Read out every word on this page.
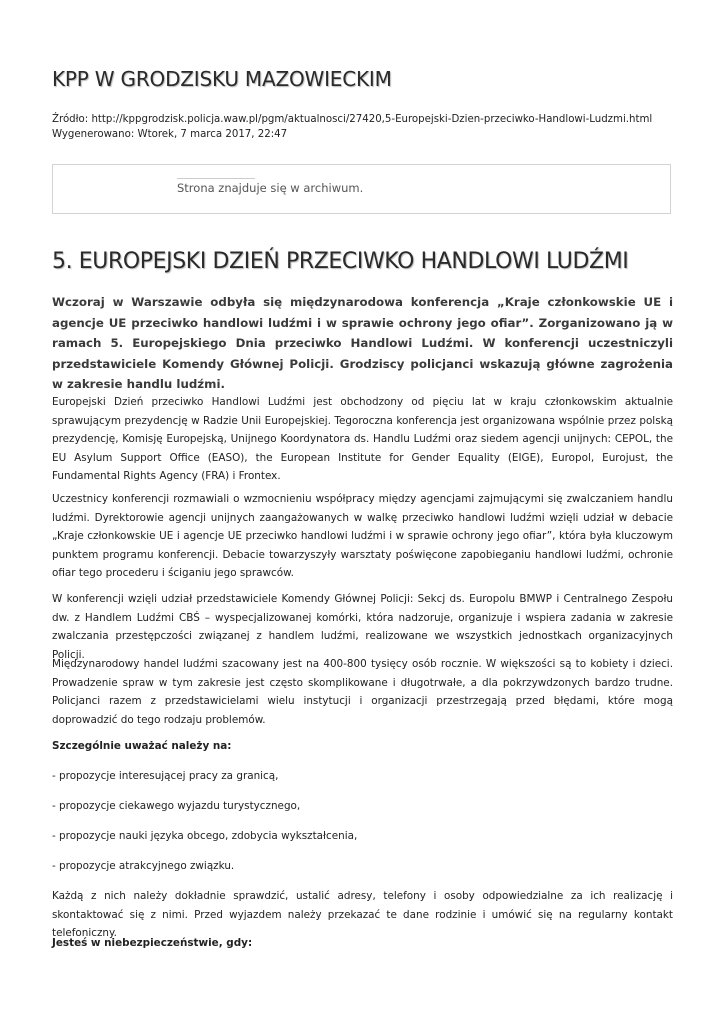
KPP W GRODZISKU MAZOWIECKIM
Źródło: http://kppgrodzisk.policja.waw.pl/pgm/aktualnosci/27420,5-Europejski-Dzien-przeciwko-Handlowi-Ludzmi.html
Wygenerowano: Wtorek, 7 marca 2017, 22:47
Strona znajduje się w archiwum.
5. EUROPEJSKI DZIEŃ PRZECIWKO HANDLOWI LUDŹMI

Wczoraj w Warszawie odbyła się międzynarodowa konferencja „Kraje członkowskie UE i agencje UE przeciwko handlowi ludźmi i w sprawie ochrony jego ofiar”. Zorganizowano ją w ramach 5. Europejskiego Dnia przeciwko Handlowi Ludźmi. W konferencji uczestniczyli przedstawiciele Komendy Głównej Policji. Grodziscy policjanci wskazują główne zagrożenia w zakresie handlu ludźmi.

Europejski Dzień przeciwko Handlowi Ludźmi jest obchodzony od pięciu lat w kraju członkowskim aktualnie sprawującym prezydencję w Radzie Unii Europejskiej. Tegoroczna konferencja jest organizowana wspólnie przez polską prezydencję, Komisję Europejską, Unijnego Koordynatora ds. Handlu Ludźmi oraz siedem agencji unijnych: CEPOL, the EU Asylum Support Office (EASO), the European Institute for Gender Equality (EIGE), Europol, Eurojust, the Fundamental Rights Agency (FRA) i Frontex.

Uczestnicy konferencji rozmawiali o wzmocnieniu współpracy między agencjami zajmującymi się zwalczaniem handlu ludźmi. Dyrektorowie agencji unijnych zaangażowanych w walkę przeciwko handlowi ludźmi wzięli udział w debacie „Kraje członkowskie UE i agencje UE przeciwko handlowi ludźmi i w sprawie ochrony jego ofiar”, która była kluczowym punktem programu konferencji. Debacie towarzyszyły warsztaty poświęcone zapobieganiu handlowi ludźmi, ochronie ofiar tego procederu i ściganiu jego sprawców.

W konferencji wzięli udział przedstawiciele Komendy Głównej Policji: Sekcj ds. Europolu BMWP i Centralnego Zespołu dw. z Handlem Ludźmi CBŚ – wyspecjalizowanej komórki, która nadzoruje, organizuje i wspiera zadania w zakresie zwalczania przestępczości związanej z handlem ludźmi, realizowane we wszystkich jednostkach organizacyjnych Policji.

Międzynarodowy handel ludźmi szacowany jest na 400-800 tysięcy osób rocznie. W większości są to kobiety i dzieci. Prowadzenie spraw w tym zakresie jest często skomplikowane i długotrwałe, a dla pokrzywdzonych bardzo trudne. Policjanci razem z przedstawicielami wielu instytucji i organizacji przestrzegają przed błędami, które mogą doprowadzić do tego rodzaju problemów.

Szczególnie uważać należy na:

- propozycje interesującej pracy za granicą,

- propozycje ciekawego wyjazdu turystycznego,

- propozycje nauki języka obcego, zdobycia wykształcenia,

- propozycje atrakcyjnego związku.

Każdą z nich należy dokładnie sprawdzić, ustalić adresy, telefony i osoby odpowiedzialne za ich realizację i skontaktować się z nimi. Przed wyjazdem należy przekazać te dane rodzinie i umówić się na regularny kontakt telefoniczny.

Jesteś w niebezpieczeństwie, gdy:
